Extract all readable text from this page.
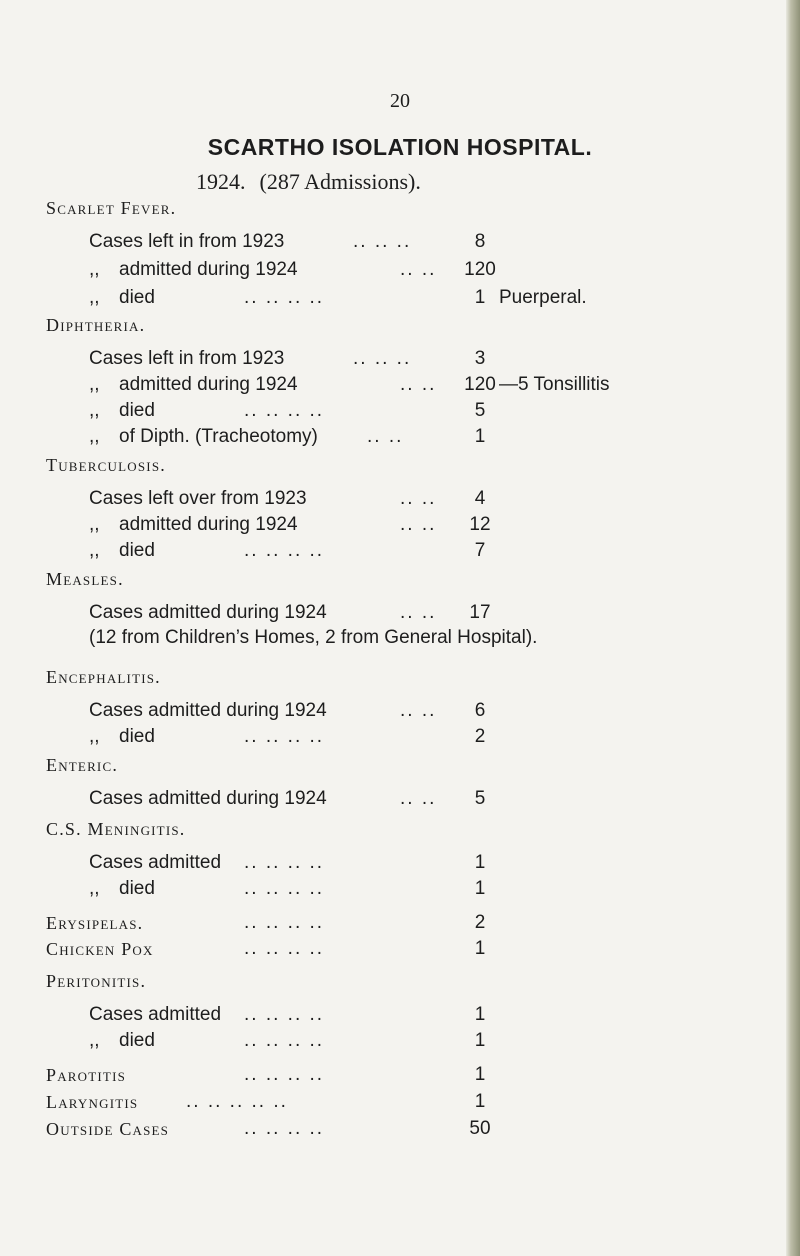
20
SCARTHO ISOLATION HOSPITAL.
1924. (287 Admissions).
Scarlet Fever.
Cases left in from 1923	.. .. ..	8
,, admitted during 1924	.. ..	120
,, died	.. .. .. ..	1 Puerperal.
Diphtheria.
Cases left in from 1923	.. .. ..	3
,, admitted during 1924	.. ..	120 —5 Tonsillitis
,, died	.. .. .. ..	5
,, of Dipth. (Tracheotomy)	.. ..	1
Tuberculosis.
Cases left over from 1923	.. ..	4
,, admitted during 1924	.. ..	12
,, died	.. .. .. ..	7
Measles.
Cases admitted during 1924	.. ..	17
(12 from Children’s Homes, 2 from General Hospital).
Encephalitis.
Cases admitted during 1924	.. ..	6
,, died	.. .. .. ..	2
Enteric.
Cases admitted during 1924	.. ..	5
C.S. Meningitis.
Cases admitted .. .. .. ..	1
,, died	.. .. .. ..	1
Erysipelas.	.. .. .. ..	2
Chicken Pox	.. .. .. ..	1
Peritonitis.
Cases admitted .. .. .. ..	1
,, died	.. .. .. ..	1
Parotitis	.. .. .. ..	1
Laryngitis	.. .. .. .. ..	1
Outside Cases	.. .. .. ..	50
